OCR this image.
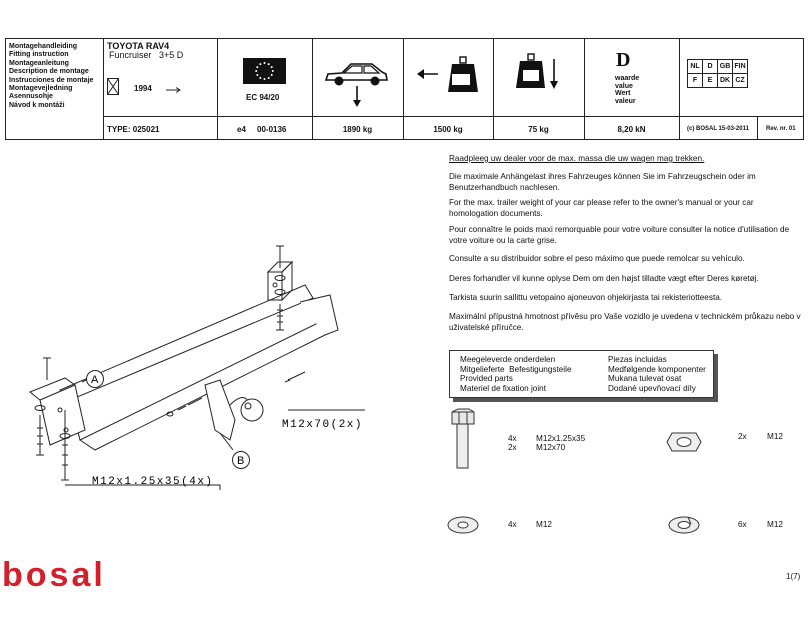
Montagehandleiding
Fitting instruction
Montageanleitung
Description de montage
Instrucciones de montaje
Montagevejledning
Asennusohje
Návod k montáži
TOYOTA RAV4
Funcruiser   3+5 D
1994
TYPE: 025021
EC 94/20
e4 00-0136	1890 kg	1500 kg	75 kg
D
waarde
value
Wert
valeur
8,20 kN
NL	D	GB	FIN
F	E	DK	CZ
(c) BOSAL 15-03-2011	Rev. nr. 01
A
B
M12x70(2x)
M12x1.25x35(4x)
Raadpleeg uw dealer voor de max. massa die uw wagen mag trekken.
Die maximale Anhängelast ihres Fahrzeuges können Sie im Fahrzeugschein oder im Benutzerhandbuch nachlesen.
For the max. trailer weight of your car please refer to the owner's manual or your car homologation documents.
Pour connaître le poids maxi remorquable pour votre voiture consulter la notice d'utilisation de votre voiture ou la carte grise.
Consulte a su distribuidor sobre el peso máximo que puede remolcar su vehículo.
Deres forhandler vil kunne oplyse Dem om den højst tilladte vægt efter Deres køretøj.
Tarkista suurin sallittu vetopaino ajoneuvon ohjekirjasta tai rekisteriotteesta.
Maximální přípustná hmotnost přívěsu pro Vaše vozidlo je uvedena v technickém průkazu nebo v uživatelské příručce.
Meegeleverde onderdelen
Mitgelieferte  Befestigungsteile
Provided parts
Materiel de fixation joint
Piezas incluidas
Medfølgende komponenter
Mukana tulevat osat
Dodané upevňovací díly
4x M12x1.25x35
2x M12x70
2x M12
4x M12	6x M12
bosal	1(7)
